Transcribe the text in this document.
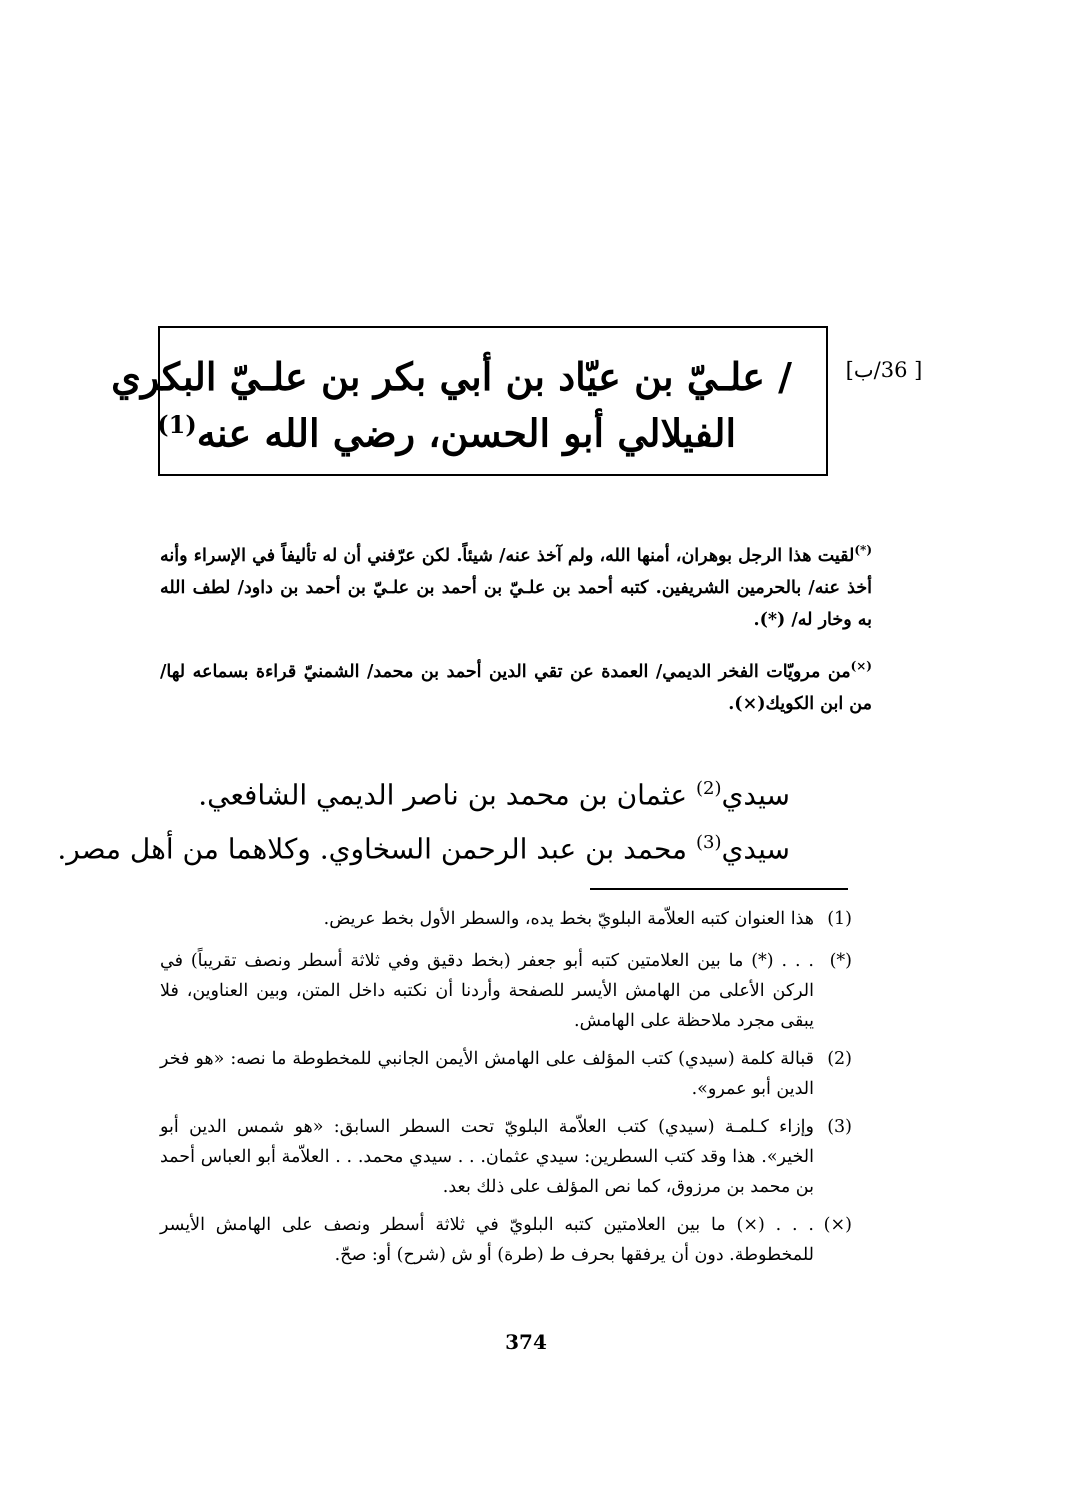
[ 36/ب]
/ علـيّ بن عيّاد بن أبي بكر بن علـيّ البكري
الفيلالي أبو الحسن، رضي الله عنه$^{(1)}$
(*)لقيت هذا الرجل بوهران، أمنها الله، ولم آخذ عنه/ شيئاً. لكن عرّفني أن له تأليفاً في الإسراء وأنه أخذ عنه/ بالحرمين الشريفين. كتبه أحمد بن علـيّ بن أحمد بن علـيّ بن أحمد بن داود/ لطف الله به وخار له/ (*).
(×)من مرويّات الفخر الديمي/ العمدة عن تقي الدين أحمد بن محمد/ الشمنيّ قراءة بسماعه لها/ من ابن الكويك(×).
سيدي$^{(2)}$ عثمان بن محمد بن ناصر الديمي الشافعي.
سيدي$^{(3)}$ محمد بن عبد الرحمن السخاوي. وكلاهما من أهل مصر.
(1)
هذا العنوان كتبه العلاّمة البلويّ بخط يده، والسطر الأول بخط عريض.
(*)
. . . (*) ما بين العلامتين كتبه أبو جعفر (بخط دقيق وفي ثلاثة أسطر ونصف تقريباً) في الركن الأعلى من الهامش الأيسر للصفحة وأردنا أن نكتبه داخل المتن، وبين العناوين، فلا يبقى مجرد ملاحظة على الهامش.
(2)
قبالة كلمة (سيدي) كتب المؤلف على الهامش الأيمن الجانبي للمخطوطة ما نصه: «هو فخر الدين أبو عمرو».
(3)
وإزاء كـلمـة (سيدي) كتب العلاّمة البلويّ تحت السطر السابق: «هو شمس الدين أبو الخير». هذا وقد كتب السطرين: سيدي عثمان. . . سيدي محمد. . . العلاّمة أبو العباس أحمد بن محمد بن مرزوق، كما نص المؤلف على ذلك بعد.
(×)
. . . (×) ما بين العلامتين كتبه البلويّ في ثلاثة أسطر ونصف على الهامش الأيسر للمخطوطة. دون أن يرفقها بحرف ط (طرة) أو ش (شرح) أو: صحّ.
374
